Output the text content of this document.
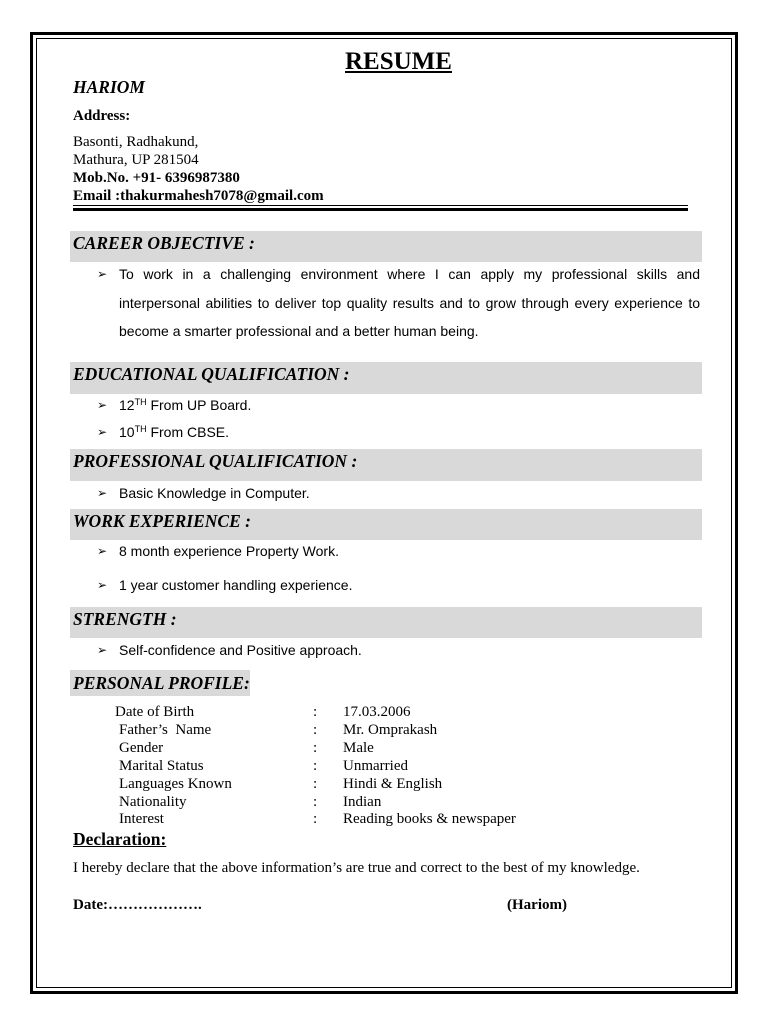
RESUME
HARIOM
Address:
Basonti, Radhakund,
Mathura, UP 281504
Mob.No. +91- 6396987380
Email :thakurmahesh7078@gmail.com
CAREER OBJECTIVE :
➢ To work in a challenging environment where I can apply my professional skills and interpersonal abilities to deliver top quality results and to grow through every experience to become a smarter professional and a better human being.
EDUCATIONAL QUALIFICATION :
➢ 12TH From UP Board.
➢ 10TH From CBSE.
PROFESSIONAL QUALIFICATION :
➢ Basic Knowledge in Computer.
WORK EXPERIENCE :
➢ 8 month experience Property Work.
➢ 1 year customer handling experience.
STRENGTH :
➢ Self-confidence and Positive approach.
PERSONAL PROFILE:
Date of Birth	: 17.03.2006
Father’s  Name	: Mr. Omprakash
Gender	: Male
Marital Status	: Unmarried
Languages Known	: Hindi & English
Nationality	: Indian
Interest	: Reading books & newspaper
Declaration:
I hereby declare that the above information’s are true and correct to the best of my knowledge.
Date:……………….	(Hariom)
